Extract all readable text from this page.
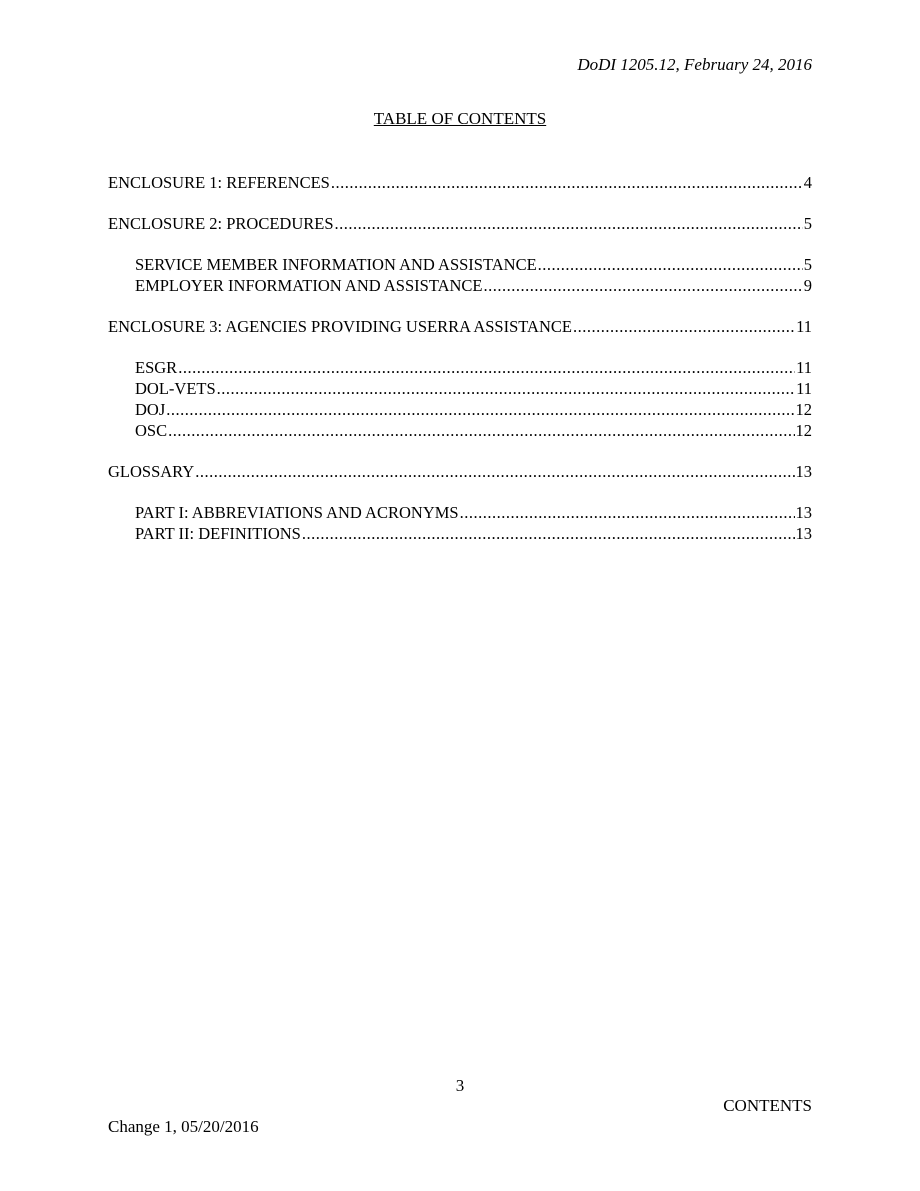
DoDI 1205.12, February 24, 2016
TABLE OF CONTENTS
ENCLOSURE 1: REFERENCES .....	4
ENCLOSURE 2: PROCEDURES .....	5
SERVICE MEMBER INFORMATION AND ASSISTANCE .....	5
EMPLOYER INFORMATION AND ASSISTANCE .....	9
ENCLOSURE 3: AGENCIES PROVIDING USERRA ASSISTANCE .....	11
ESGR .....	11
DOL-VETS .....	11
DOJ .....	12
OSC .....	12
GLOSSARY .....	13
PART I: ABBREVIATIONS AND ACRONYMS .....	13
PART II: DEFINITIONS .....	13
3
CONTENTS
Change 1, 05/20/2016
